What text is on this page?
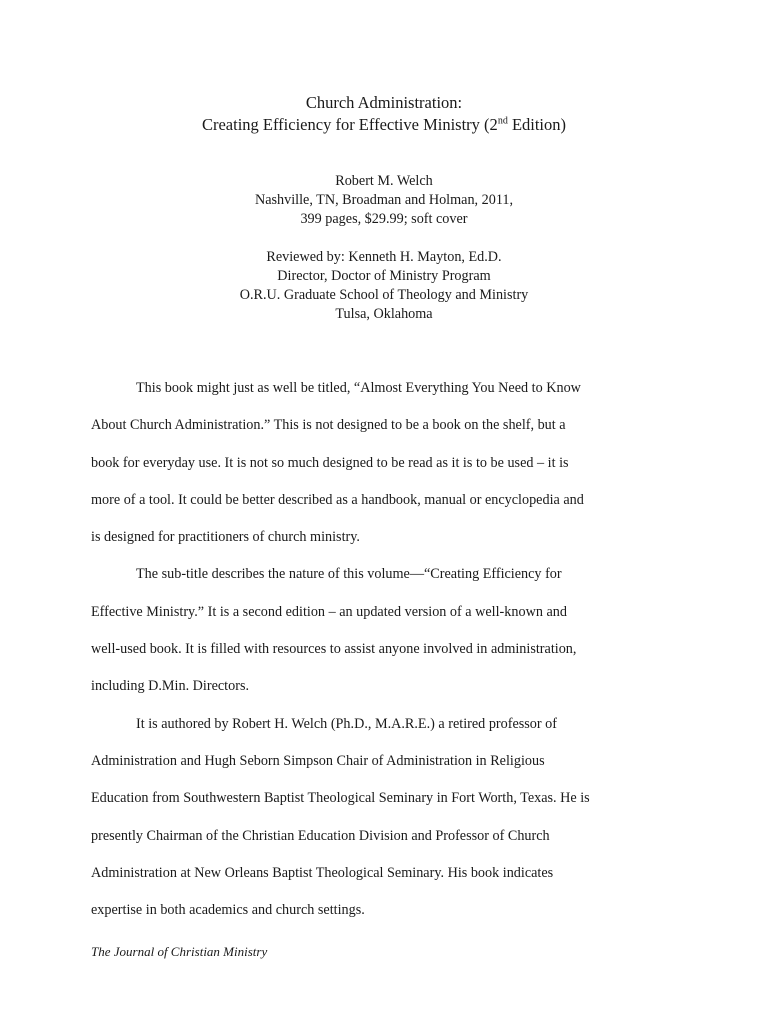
Church Administration:
Creating Efficiency for Effective Ministry (2nd Edition)
Robert M. Welch
Nashville, TN, Broadman and Holman, 2011,
399 pages, $29.99; soft cover
Reviewed by: Kenneth H. Mayton, Ed.D.
Director, Doctor of Ministry Program
O.R.U. Graduate School of Theology and Ministry
Tulsa, Oklahoma
This book might just as well be titled, “Almost Everything You Need to Know
About Church Administration.” This is not designed to be a book on the shelf, but a
book for everyday use. It is not so much designed to be read as it is to be used – it is
more of a tool. It could be better described as a handbook, manual or encyclopedia and
is designed for practitioners of church ministry.
The sub-title describes the nature of this volume—“Creating Efficiency for
Effective Ministry.” It is a second edition – an updated version of a well-known and
well-used book. It is filled with resources to assist anyone involved in administration,
including D.Min. Directors.
It is authored by Robert H. Welch (Ph.D., M.A.R.E.) a retired professor of
Administration and Hugh Seborn Simpson Chair of Administration in Religious
Education from Southwestern Baptist Theological Seminary in Fort Worth, Texas. He is
presently Chairman of the Christian Education Division and Professor of Church
Administration at New Orleans Baptist Theological Seminary. His book indicates
expertise in both academics and church settings.
The Journal of Christian Ministry
